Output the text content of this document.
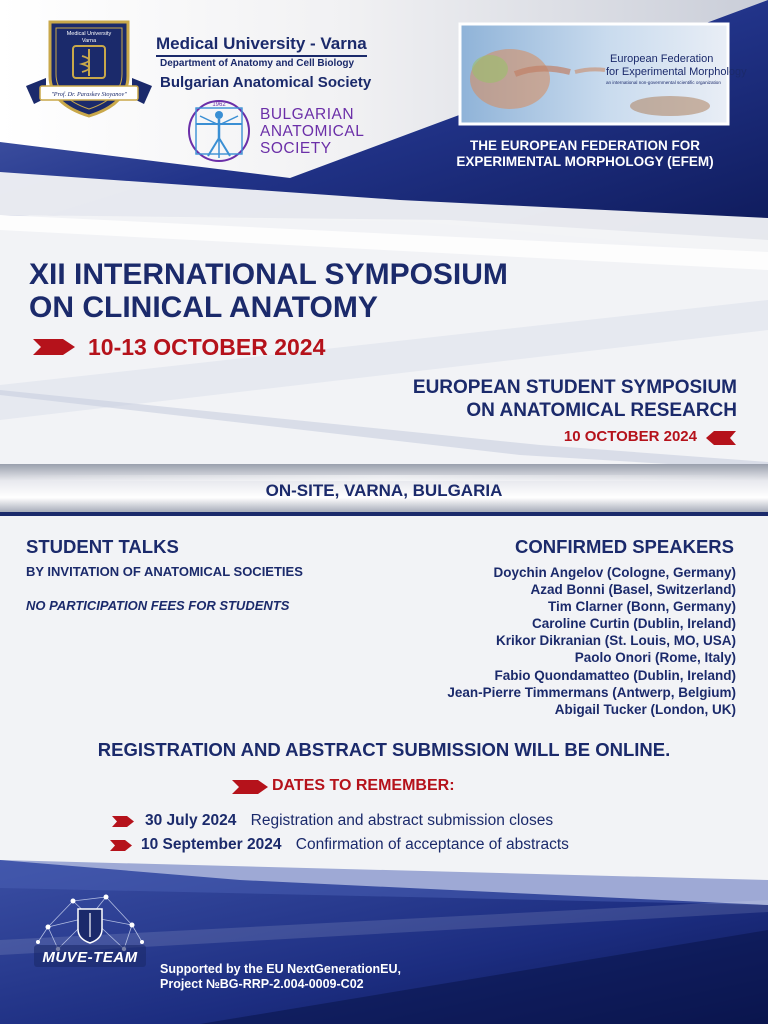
Medical University
Varna
"Prof. Dr. Paraskev Stoyanov"
Medical University - Varna
Department of Anatomy and Cell Biology
Bulgarian Anatomical Society
1962
BULGARIAN
ANATOMICAL
SOCIETY
European Federation
for Experimental Morphology
an international non-governmental scientific organization
THE EUROPEAN FEDERATION FOR
EXPERIMENTAL MORPHOLOGY (EFEM)
XII INTERNATIONAL SYMPOSIUM
ON CLINICAL ANATOMY
10-13 OCTOBER 2024
EUROPEAN STUDENT SYMPOSIUM
ON ANATOMICAL RESEARCH
10 OCTOBER 2024
ON-SITE, VARNA, BULGARIA
STUDENT TALKS
BY INVITATION OF ANATOMICAL SOCIETIES
NO PARTICIPATION FEES FOR STUDENTS
CONFIRMED SPEAKERS
Doychin Angelov (Cologne, Germany)
Azad Bonni (Basel, Switzerland)
Tim Clarner (Bonn, Germany)
Caroline Curtin (Dublin, Ireland)
Krikor Dikranian (St. Louis, MO, USA)
Paolo Onori (Rome, Italy)
Fabio Quondamatteo (Dublin, Ireland)
Jean-Pierre Timmermans (Antwerp, Belgium)
Abigail Tucker (London, UK)
REGISTRATION AND ABSTRACT SUBMISSION WILL BE ONLINE.
DATES TO REMEMBER:
30 July 2024 Registration and abstract submission closes
10 September 2024 Confirmation of acceptance of abstracts
MUVE-TEAM
Supported by the EU NextGenerationEU,
Project №BG-RRP-2.004-0009-C02
